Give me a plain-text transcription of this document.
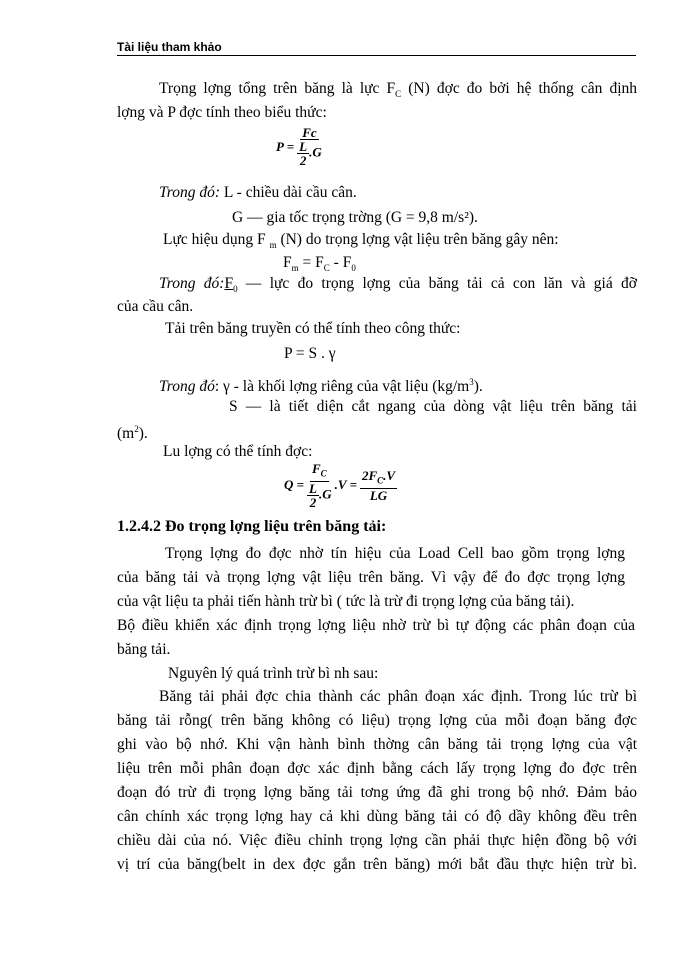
Tài liệu tham khảo
Trọng lợng tổng trên băng là lực $F_C$ (N) đợc đo bởi hệ thống cân định
lợng và P đợc tính theo biểu thức:
$P = \frac{Fc}{\frac{L}{2} .G}$
Trong đó: L - chiều dài cầu cân.
G — gia tốc trọng trờng (G = 9,8 m/s²).
Lực hiệu dụng F $_m$ (N) do trọng lợng vật liệu trên băng gây nên:
$F_m = F_C - F_0$
Trong $đó:F_0$ — lực đo trọng lợng của băng tải cả con lăn và giá đỡ
của cầu cân.
Tải trên băng truyền có thể tính theo công thức:
P = S . γ
Trong đó: γ - là khối lợng riêng của vật liệu $(kg/m^3)$.
S — là tiết diện cắt ngang của dòng vật liệu trên băng tải
$(m^2)$.
Lu lợng có thể tính đợc:
$Q = \frac{F_C}{\frac{L}{2} .G} .V = \frac{2F_C.V}{LG}$
1.2.4.2 Đo trọng lợng liệu trên băng tải:
Trọng lợng đo đợc nhờ tín hiệu của Load Cell bao gồm trọng lợng
của băng tải và trọng lợng vật liệu trên băng. Vì vậy để đo đợc trọng lợng
của vật liệu ta phải tiến hành trừ bì ( tức là trừ đi trọng lợng của băng tải).
Bộ điều khiển xác định trọng lợng liệu nhờ trừ bì tự động các phân đoạn của
băng tải.
Nguyên lý quá trình trừ bì nh sau:
Băng tải phải đợc chia thành các phân đoạn xác định. Trong lúc trừ bì
băng tải rỗng( trên băng không có liệu) trọng lợng của mỗi đoạn băng đợc
ghi vào bộ nhớ. Khi vận hành bình thờng cân băng tải trọng lợng của vật
liệu trên mỗi phân đoạn đợc xác định bằng cách lấy trọng lợng đo đợc trên
đoạn đó trừ đi trọng lợng băng tải tơng ứng đã ghi trong bộ nhớ. Đảm bảo
cân chính xác trọng lợng hay cả khi dùng băng tải có độ dầy không đều trên
chiều dài của nó. Việc điều chỉnh trọng lợng cần phải thực hiện đồng bộ với
vị trí của băng(belt in dex đợc gắn trên băng) mới bắt đầu thực hiện trừ bì.
